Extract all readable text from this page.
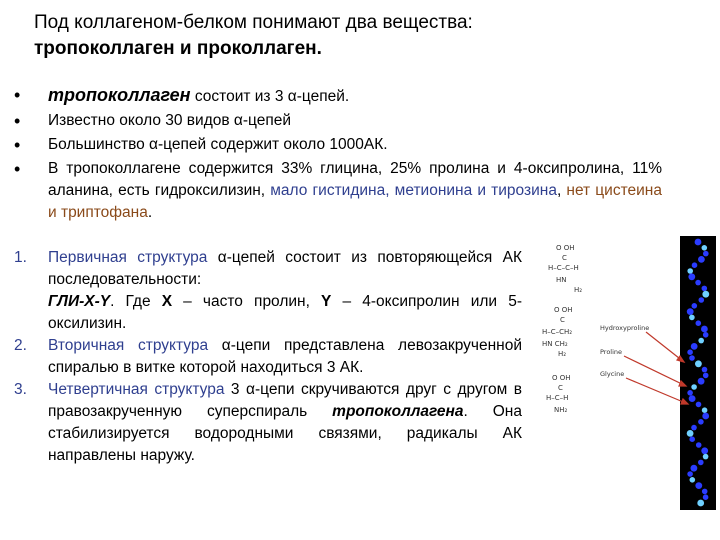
Под коллагеном-белком понимают два вещества:
тропоколлаген и проколлаген.
• тропоколлаген состоит из 3 α-цепей.
• Известно около 30 видов α-цепей
• Большинство α-цепей содержит около 1000АК.
• В тропоколлагене содержится 33% глицина, 25% пролина и 4-оксипролина, 11% аланина, есть гидроксилизин, мало гистидина, метионина и тирозина, нет цистеина и триптофана.
1. Первичная структура α-цепей состоит из повторяющейся АК последовательности:
ГЛИ-Х-Y. Где Х – часто пролин, Y – 4-оксипролин или 5-оксилизин.
2. Вторичная структура α-цепи представлена левозакрученной спиралью в витке которой находиться 3 АК.
3. Четвертичная структура 3 α-цепи скручиваются друг с другом в правозакрученную суперспираль тропоколлагена. Она стабилизируется водородными связями, радикалы АК направлены наружу.
O OH
C
H–C–C–H
HN
H₂
O OH
C
H–C–CH₂
HN CH₂
H₂
O OH
C
H–C–H
NH₂
Hydroxyproline
Proline
Glycine
